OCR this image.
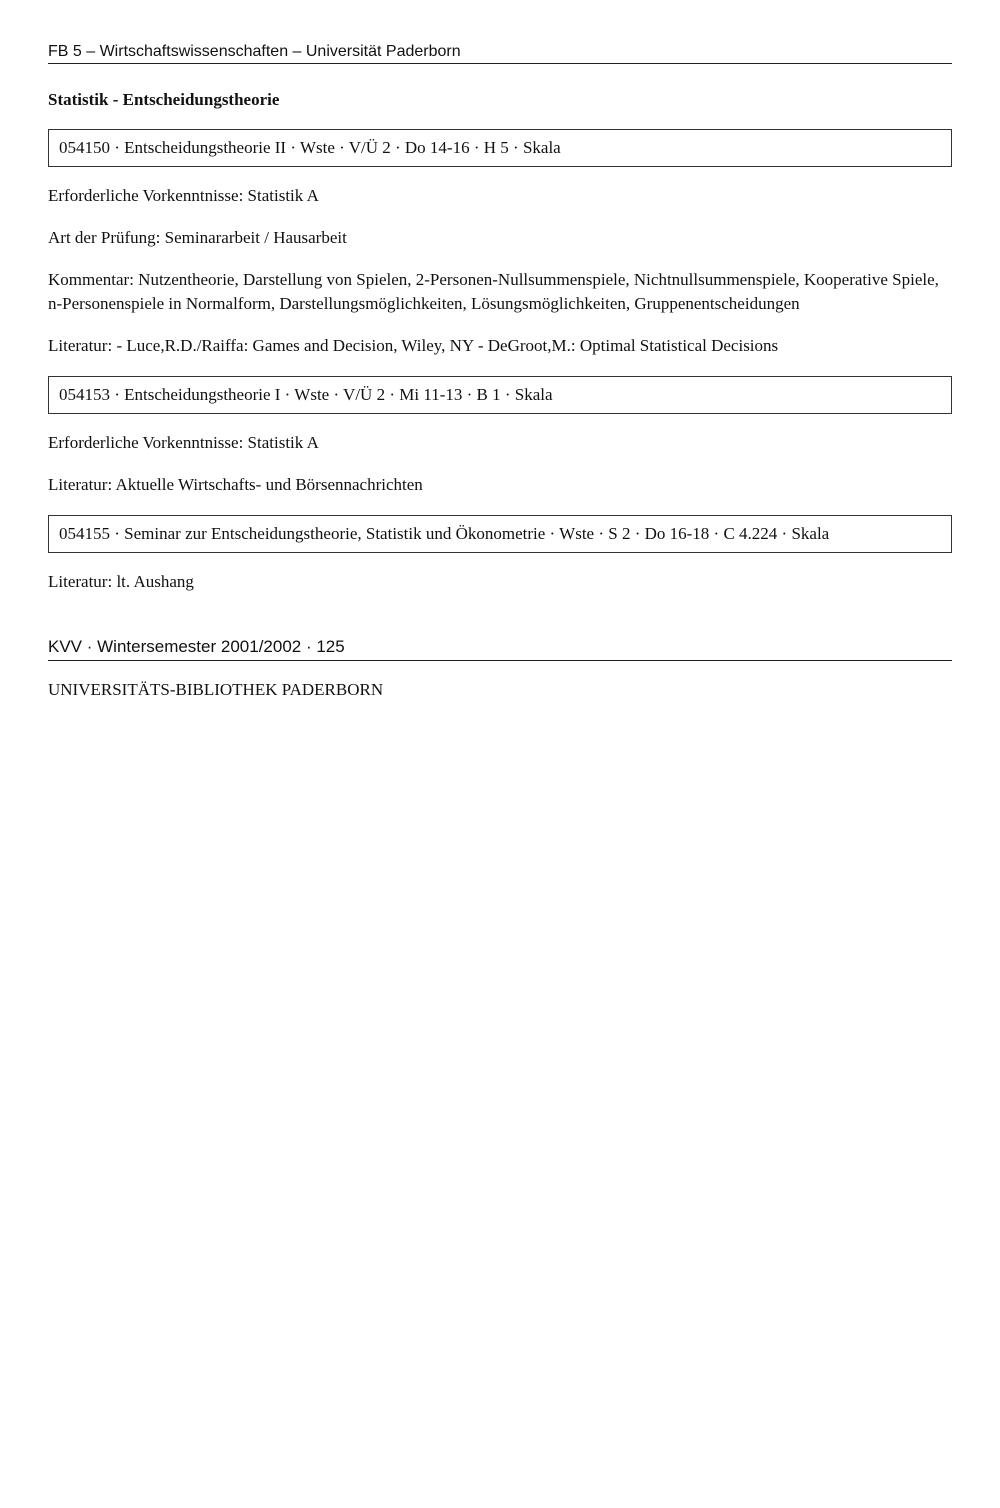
FB 5 – Wirtschaftswissenschaften – Universität Paderborn
Statistik - Entscheidungstheorie
054150 · Entscheidungstheorie II · Wste · V/Ü 2 · Do 14-16 · H 5 · Skala

Erforderliche Vorkenntnisse: Statistik A

Art der Prüfung: Seminararbeit / Hausarbeit

Kommentar: Nutzentheorie, Darstellung von Spielen, 2-Personen-Nullsummenspiele, Nichtnullsummenspiele, Kooperative Spiele, n-Personenspiele in Normalform, Darstellungsmöglichkeiten, Lösungsmöglichkeiten, Gruppenentscheidungen

Literatur: - Luce,R.D./Raiffa: Games and Decision, Wiley, NY - DeGroot,M.: Optimal Statistical Decisions

054153 · Entscheidungstheorie I · Wste · V/Ü 2 · Mi 11-13 · B 1 · Skala

Erforderliche Vorkenntnisse: Statistik A

Literatur: Aktuelle Wirtschafts- und Börsennachrichten

054155 · Seminar zur Entscheidungstheorie, Statistik und Ökonometrie · Wste · S 2 · Do 16-18 · C 4.224 · Skala

Literatur: lt. Aushang

KVV · Wintersemester 2001/2002 · 125

UNIVERSITÄTS-BIBLIOTHEK PADERBORN
